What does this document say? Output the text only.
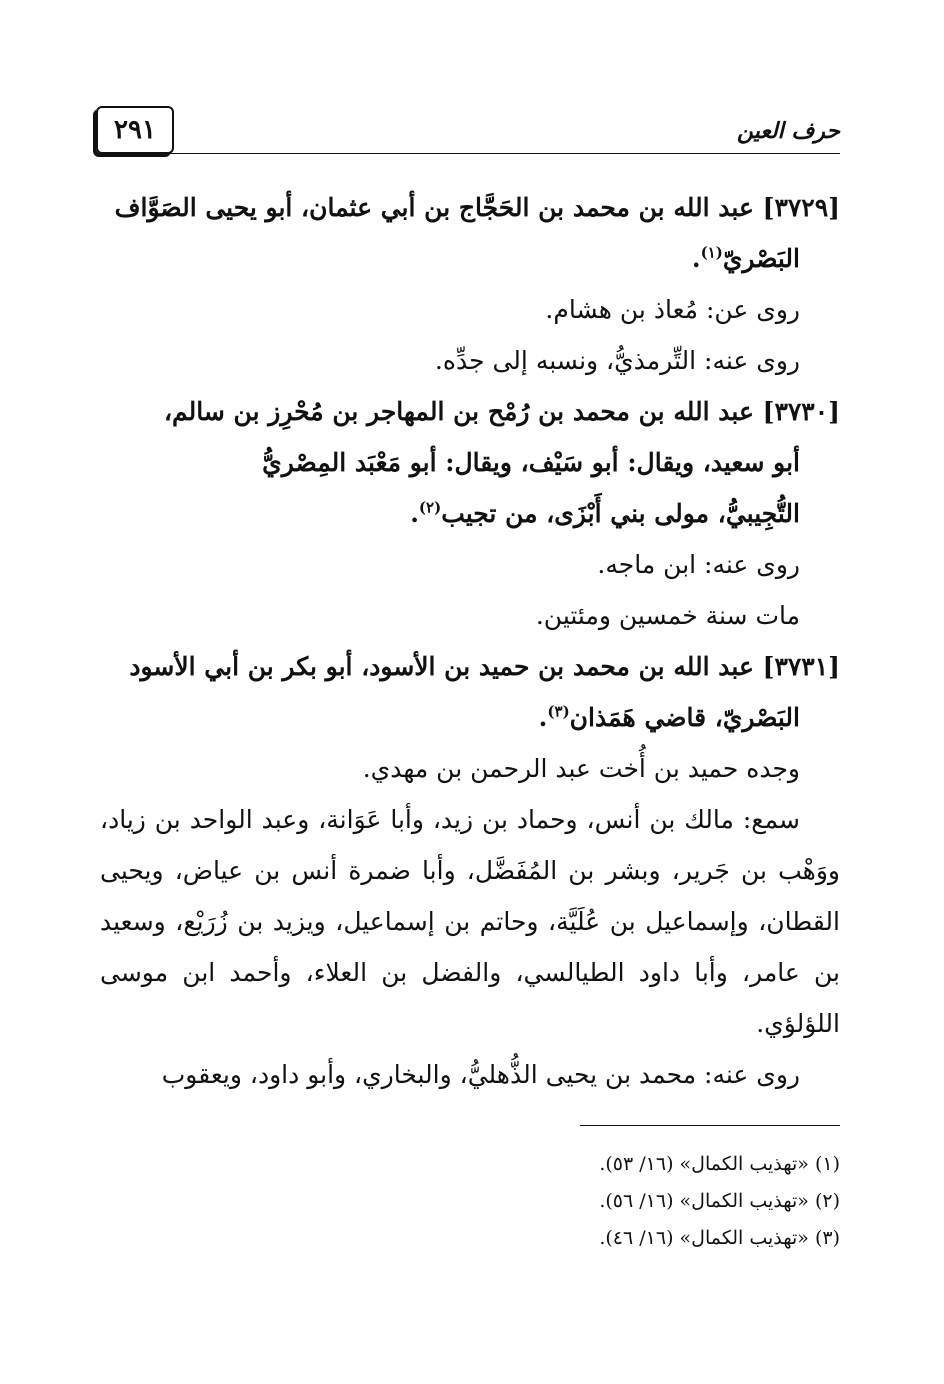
٢٩١	حرف العين

[٣٧٢٩] عبد الله بن محمد بن الحَجَّاج بن أبي عثمان، أبو يحيى الصَوَّاف

البَصْريّ$^{(١)}$.

روى عن: مُعاذ بن هشام.

روى عنه: التِّرمذيُّ، ونسبه إلى جدِّه.

[٣٧٣٠] عبد الله بن محمد بن رُمْح بن المهاجر بن مُحْرِز بن سالم،

أبو سعيد، ويقال: أبو سَيْف، ويقال: أبو مَعْبَد المِصْريُّ

التُّجِيبيُّ، مولى بني أَبْزَى، من تجيب$^{(٢)}$.

روى عنه: ابن ماجه.

مات سنة خمسين ومئتين.

[٣٧٣١] عبد الله بن محمد بن حميد بن الأسود، أبو بكر بن أبي الأسود

البَصْريّ، قاضي هَمَذان$^{(٣)}$.

وجده حميد بن أُخت عبد الرحمن بن مهدي.

سمع: مالك بن أنس، وحماد بن زيد، وأبا عَوَانة، وعبد الواحد بن زياد، ووَهْب بن جَرير، وبشر بن المُفَضَّل، وأبا ضمرة أنس بن عياض، ويحيى القطان، وإسماعيل بن عُلَيَّة، وحاتم بن إسماعيل، ويزيد بن زُرَيْع، وسعيد بن عامر، وأبا داود الطيالسي، والفضل بن العلاء، وأحمد ابن موسى اللؤلؤي.

روى عنه: محمد بن يحيى الذُّهليُّ، والبخاري، وأبو داود، ويعقوب

(١) «تهذيب الكمال» (١٦/ ٥٣).

(٢) «تهذيب الكمال» (١٦/ ٥٦).

(٣) «تهذيب الكمال» (١٦/ ٤٦).
